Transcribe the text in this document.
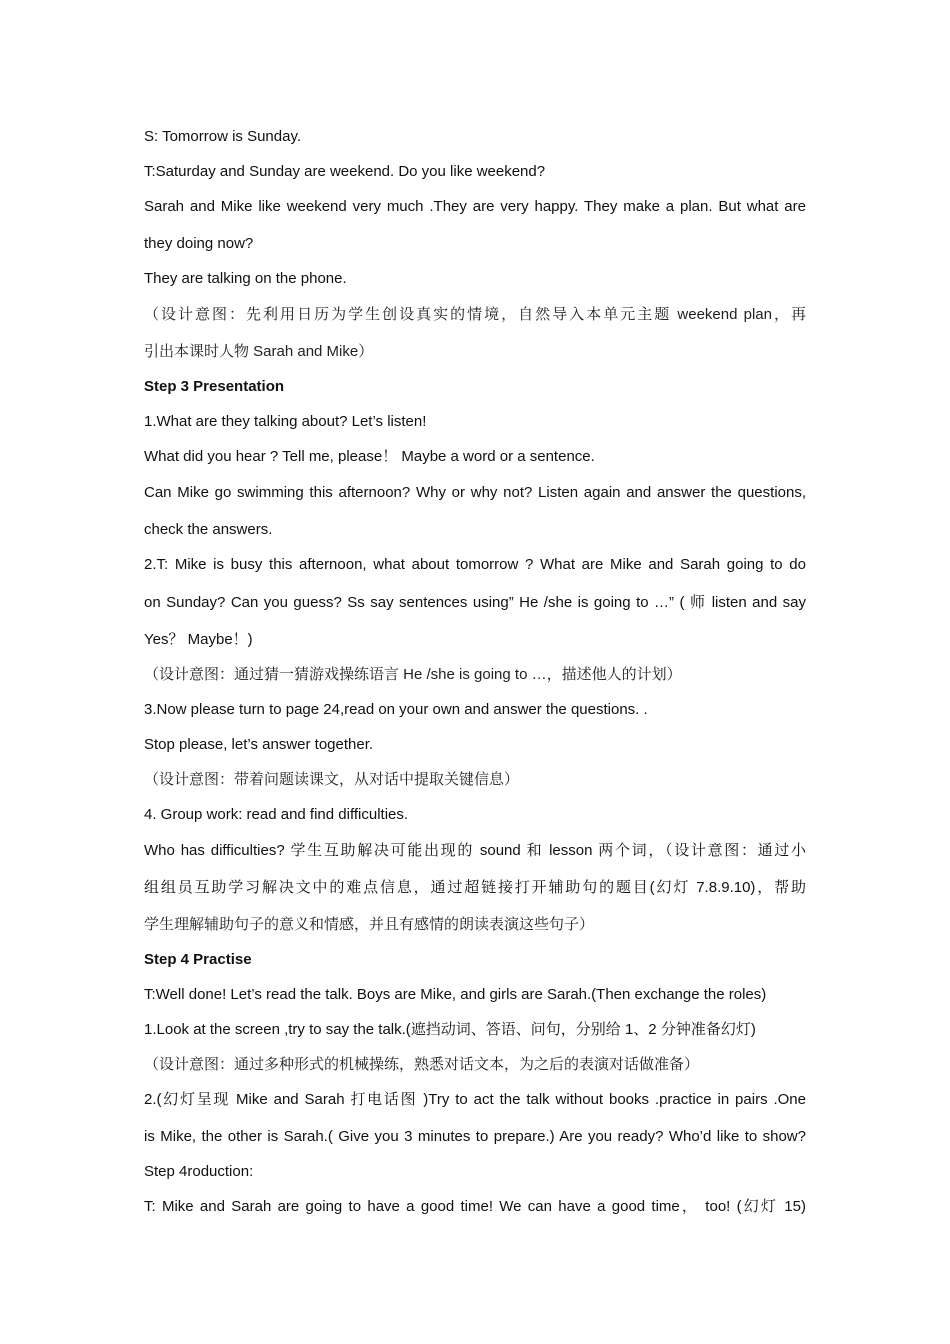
S: Tomorrow is Sunday.
T:Saturday and Sunday are weekend. Do you like weekend?
Sarah and Mike like weekend very much .They are very happy. They make a plan. But what are
they doing now?
They are talking on the phone.
（设计意图：先利用日历为学生创设真实的情境，自然导入本单元主题 weekend plan，再
引出本课时人物 Sarah and Mike）
Step 3 Presentation
1.What are they talking about? Let’s listen!
What did you hear ? Tell me, please！ Maybe a word or a sentence.
Can Mike go swimming this afternoon? Why or why not? Listen again and answer the questions,
check the answers.
2.T: Mike is busy this afternoon, what about tomorrow ? What are Mike and Sarah going to do
on Sunday? Can you guess? Ss say sentences using” He /she is going to …” ( 师 listen and say
Yes？ Maybe！)
（设计意图：通过猜一猜游戏操练语言 He /she is going to …，描述他人的计划）
3.Now please turn to page 24,read on your own and answer the questions. .
Stop please, let’s answer together.
（设计意图：带着问题读课文，从对话中提取关键信息）
4. Group work: read and find difficulties.
Who has difficulties? 学生互助解决可能出现的 sound 和 lesson 两个词，（设计意图：通过小
组组员互助学习解决文中的难点信息，通过超链接打开辅助句的题目(幻灯 7.8.9.10)，帮助
学生理解辅助句子的意义和情感，并且有感情的朗读表演这些句子）
Step 4 Practise
T:Well done! Let’s read the talk. Boys are Mike, and girls are Sarah.(Then exchange the roles)
1.Look at the screen ,try to say the talk.(遮挡动词、答语、问句，分别给 1、2 分钟准备幻灯)
（设计意图：通过多种形式的机械操练，熟悉对话文本，为之后的表演对话做准备）
2.(幻灯呈现 Mike and Sarah 打电话图 )Try to act the talk without books .practice in pairs .One
is Mike, the other is Sarah.( Give you 3 minutes to prepare.) Are you ready? Who’d like to show?
Step 4roduction:
T: Mike and Sarah are going to have a good time! We can have a good time， too! (幻灯 15)
